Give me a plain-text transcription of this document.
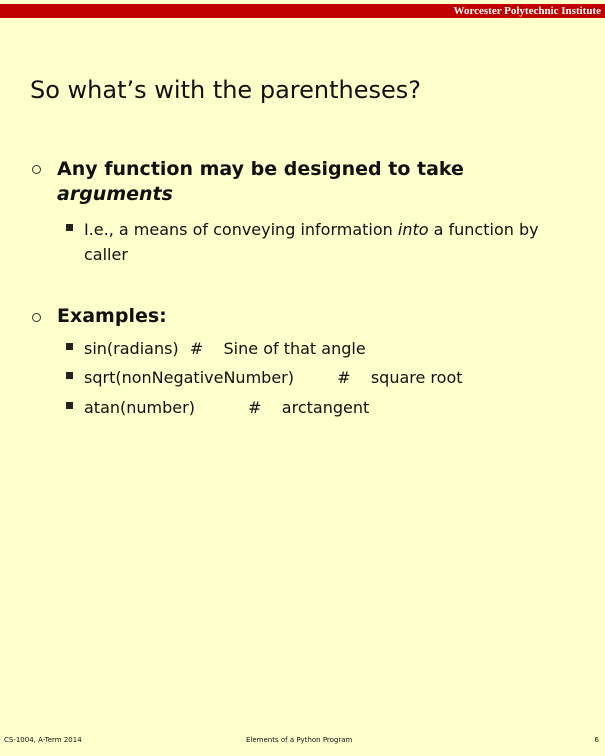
Worcester Polytechnic Institute
So what’s with the parentheses?
Any function may be designed to take arguments
I.e., a means of conveying information into a function by caller
Examples:
sin(radians) #    Sine of that angle
sqrt(nonNegativeNumber)	#    square root
atan(number)	#    arctangent
CS-1004, A-Term 2014	Elements of a Python Program	6
